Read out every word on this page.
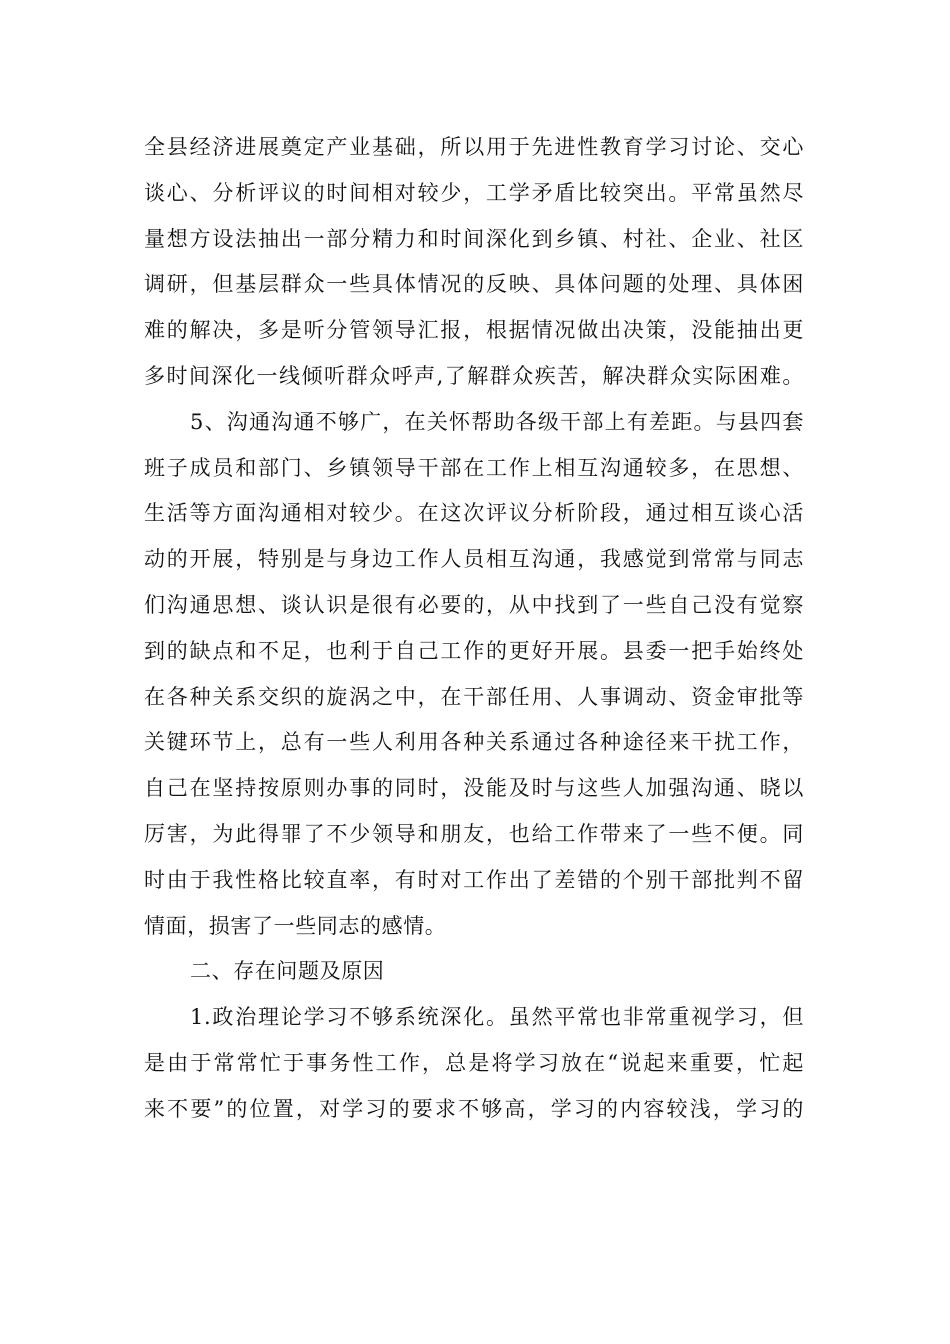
全县经济进展奠定产业基础，所以用于先进性教育学习讨论、交心
谈心、分析评议的时间相对较少，工学矛盾比较突出。平常虽然尽
量想方设法抽出一部分精力和时间深化到乡镇、村社、企业、社区
调研，但基层群众一些具体情况的反映、具体问题的处理、具体困
难的解决，多是听分管领导汇报，根据情况做出决策，没能抽出更
多时间深化一线倾听群众呼声,了解群众疾苦，解决群众实际困难。

5、沟通沟通不够广，在关怀帮助各级干部上有差距。与县四套
班子成员和部门、乡镇领导干部在工作上相互沟通较多，在思想、
生活等方面沟通相对较少。在这次评议分析阶段，通过相互谈心活
动的开展，特别是与身边工作人员相互沟通，我感觉到常常与同志
们沟通思想、谈认识是很有必要的，从中找到了一些自己没有觉察
到的缺点和不足，也利于自己工作的更好开展。县委一把手始终处
在各种关系交织的旋涡之中，在干部任用、人事调动、资金审批等
关键环节上，总有一些人利用各种关系通过各种途径来干扰工作，
自己在坚持按原则办事的同时，没能及时与这些人加强沟通、晓以
厉害，为此得罪了不少领导和朋友，也给工作带来了一些不便。同
时由于我性格比较直率，有时对工作出了差错的个别干部批判不留
情面，损害了一些同志的感情。

二、存在问题及原因

1.政治理论学习不够系统深化。虽然平常也非常重视学习，但
是由于常常忙于事务性工作，总是将学习放在“说起来重要，忙起
来不要”的位置，对学习的要求不够高，学习的内容较浅，学习的
